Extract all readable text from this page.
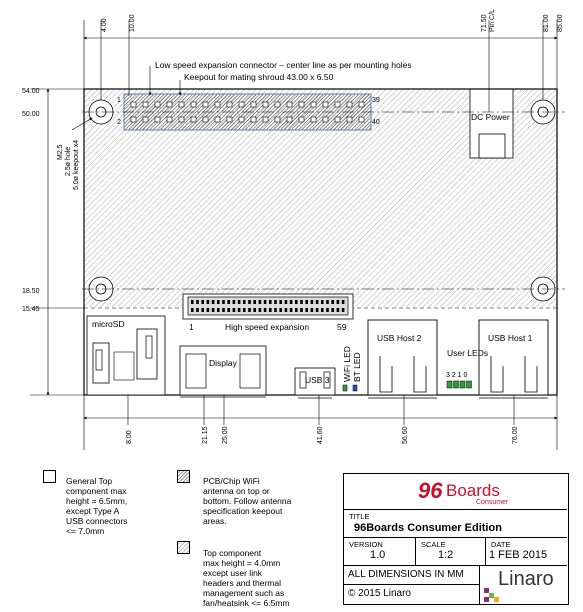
4.00	10.00	71.50 Pin C/L	81.00 85.00
54.00
50.00
18.50
15.45
8.00	21.15 25.00	41.60	56.60	76.00
M2.5 2.5ø hole 5.0ø keepout x4
Low speed expansion connector – center line as per mounting holes
Keepout for mating shroud 43.00 x 6.50
1
2
39
40
DC Power
1	High speed expansion	59
microSD
Display
USB 3 WiFi LED BT LED
USB Host 2
User LEDs
3 2 1 0
USB Host 1
General Top
component max
height = 6.5mm,
except Type A
USB connectors
<= 7.0mm
PCB/Chip WiFi
antenna on top or
bottom. Follow antenna
specification keepout
areas.
Top component
max height = 4.0mm
except user link
headers and thermal
management such as
fan/heatsink <= 6.5mm
96 Boards
Consumer
TITLE
96Boards Consumer Edition
VERSION
1.0
SCALE
1:2
DATE
1 FEB 2015
ALL DIMENSIONS IN MM
© 2015 Linaro
Linaro
